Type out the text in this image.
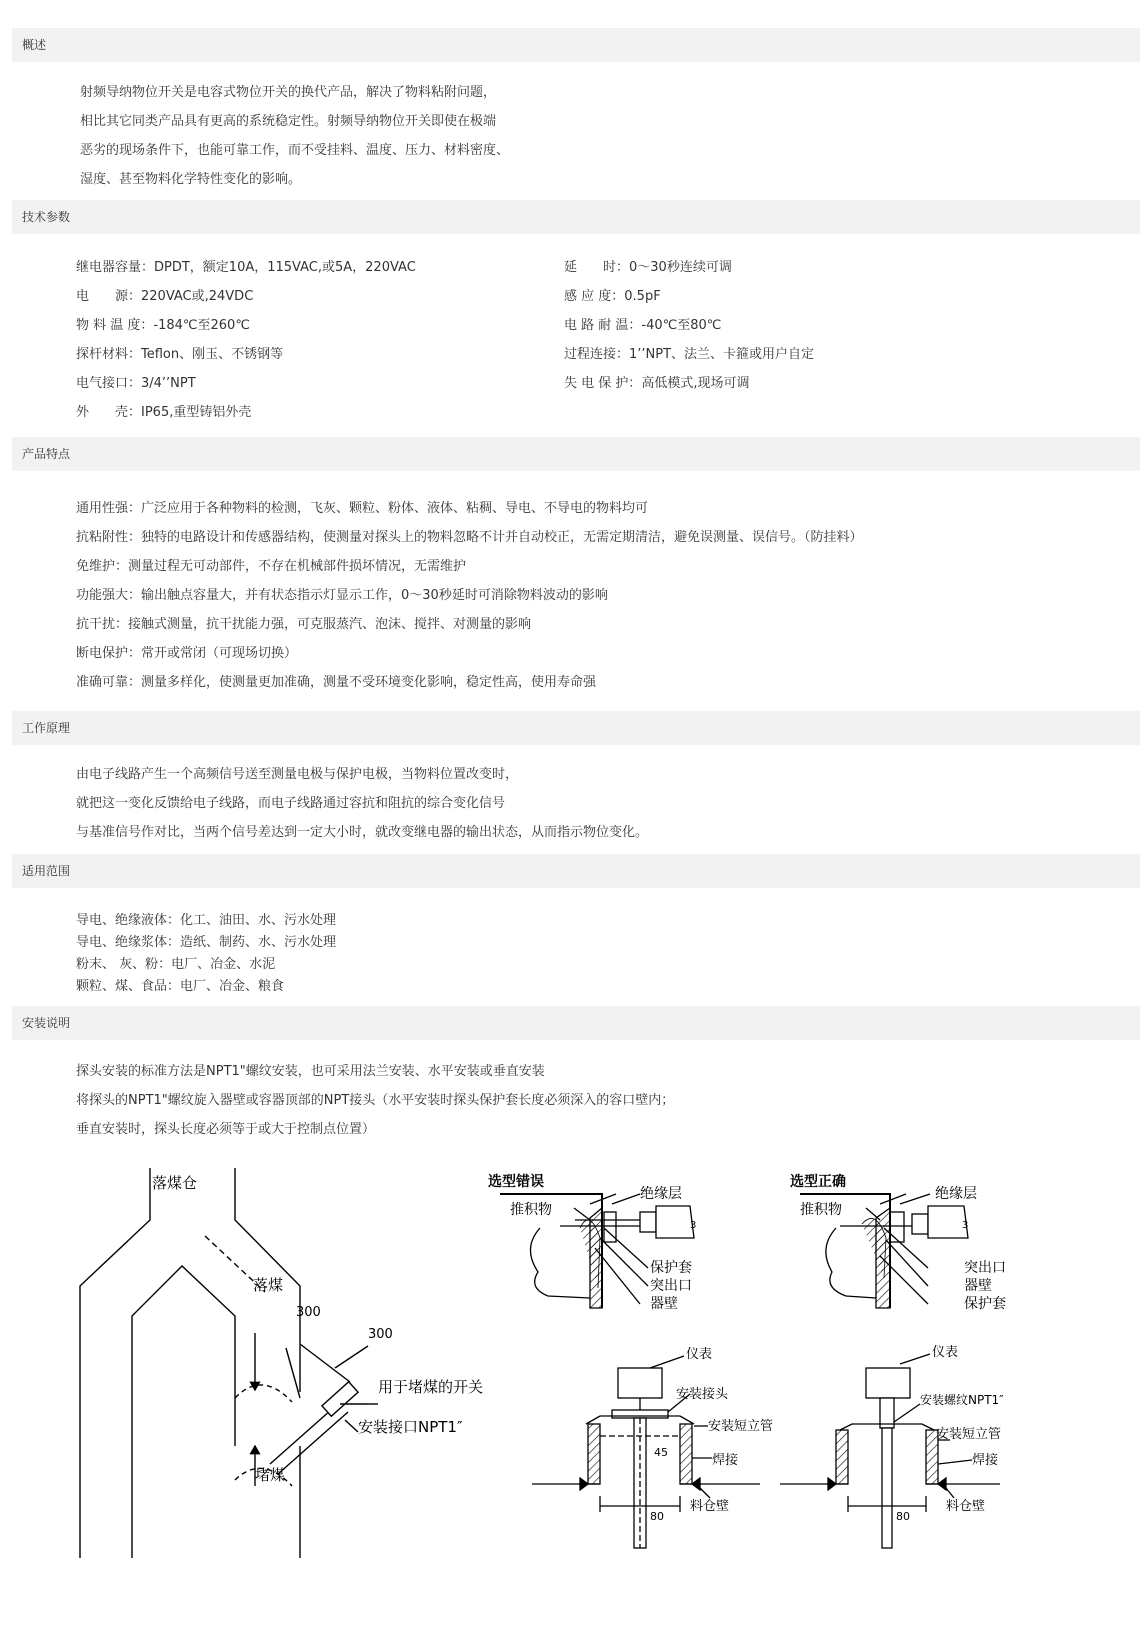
概述
射频导纳物位开关是电容式物位开关的换代产品，解决了物料粘附问题，
相比其它同类产品具有更高的系统稳定性。射频导纳物位开关即使在极端
恶劣的现场条件下，也能可靠工作，而不受挂料、温度、压力、材料密度、
湿度、甚至物料化学特性变化的影响。
技术参数
继电器容量：DPDT，额定10A，115VAC,或5A，220VAC
电　　源：220VAC或,24VDC
物 料 温 度：-184℃至260℃
探杆材料：Teflon、刚玉、不锈钢等
电气接口：3/4’’NPT
外　　壳：IP65,重型铸铝外壳
延　　时：0～30秒连续可调
感 应 度：0.5pF
电 路 耐 温：-40℃至80℃
过程连接：1’’NPT、法兰、卡箍或用户自定
失 电 保 护：高低模式,现场可调
产品特点
通用性强：广泛应用于各种物料的检测，飞灰、颗粒、粉体、液体、粘稠、导电、不导电的物料均可
抗粘附性：独特的电路设计和传感器结构，使测量对探头上的物料忽略不计并自动校正，无需定期清洁，避免误测量、误信号。（防挂料）
免维护：测量过程无可动部件，不存在机械部件损坏情况，无需维护
功能强大：输出触点容量大，并有状态指示灯显示工作，0～30秒延时可消除物料波动的影响
抗干扰：接触式测量，抗干扰能力强，可克服蒸汽、泡沫、搅拌、对测量的影响
断电保护：常开或常闭（可现场切换）
准确可靠：测量多样化，使测量更加准确，测量不受环境变化影响，稳定性高，使用寿命强
工作原理
由电子线路产生一个高频信号送至测量电极与保护电极，当物料位置改变时，
就把这一变化反馈给电子线路，而电子线路通过容抗和阻抗的综合变化信号
与基准信号作对比，当两个信号差达到一定大小时，就改变继电器的输出状态，从而指示物位变化。
适用范围
导电、绝缘液体：化工、油田、水、污水处理
导电、绝缘浆体：造纸、制药、水、污水处理
粉末、 灰、粉：电厂、冶金、水泥
颗粒、煤、食品：电厂、冶金、粮食
安装说明
探头安装的标准方法是NPT1"螺纹安装，也可采用法兰安装、水平安装或垂直安装
将探头的NPT1"螺纹旋入器壁或容器顶部的NPT接头（水平安装时探头保护套长度必须深入的容口壁内；
垂直安装时，探头长度必须等于或大于控制点位置）
落煤仓
落煤
堵煤
300
300
用于堵煤的开关
安装接口NPT1″
3
选型错误
绝缘层
推积物
保护套
突出口
器壁
3
选型正确
绝缘层
推积物
突出口
器壁
保护套
仪表
安装接头
安装短立管
45
焊接
80
料仓壁
仪表
安装螺纹NPT1″
安装短立管
焊接
80
料仓壁
